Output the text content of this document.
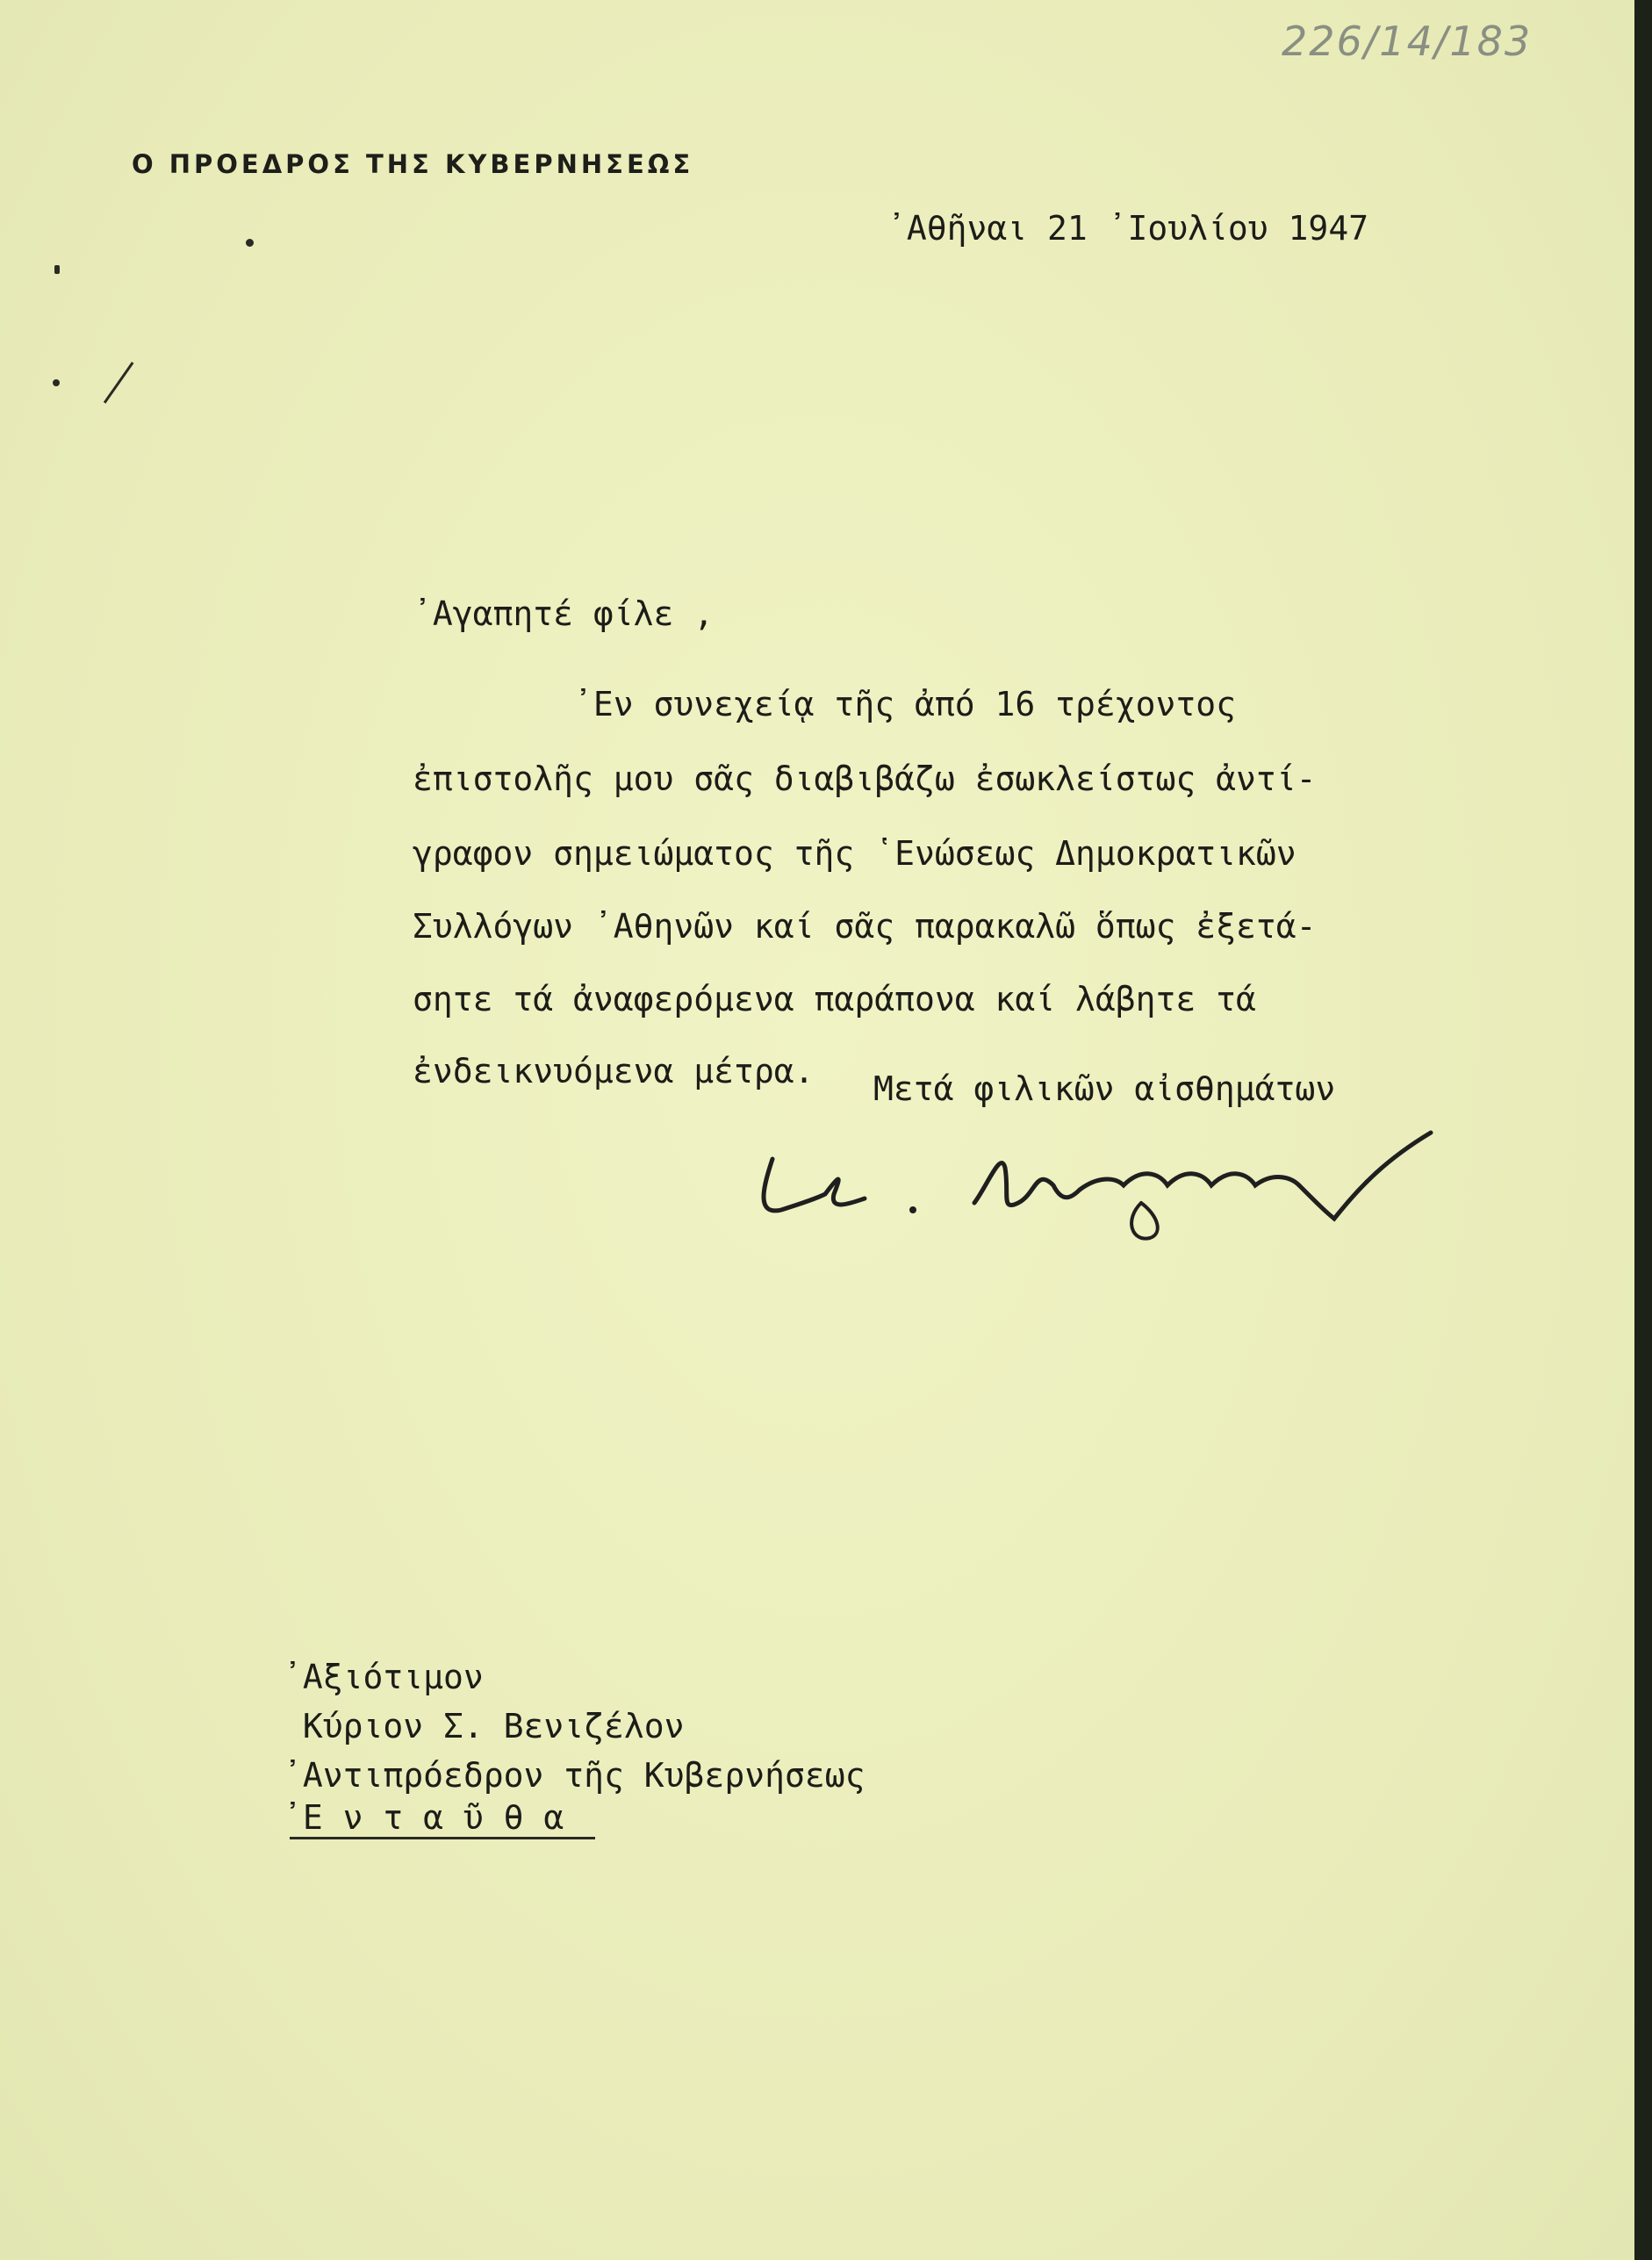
226/14/183
Ο ΠΡΟΕΔΡΟΣ ΤΗΣ ΚΥΒΕΡΝΗΣΕΩΣ
᾿Αθῆναι 21 ᾿Ιουλίου 1947
᾿Αγαπητέ φίλε ,
᾿Εν συνεχείᾳ τῆς ἀπό 16 τρέχοντος
ἐπιστολῆς μου σᾶς διαβιβάζω ἐσωκλείστως ἀντί-
γραφον σημειώματος τῆς ῾Ενώσεως Δημοκρατικῶν
Συλλόγων ᾿Αθηνῶν καί σᾶς παρακαλῶ ὅπως ἐξετά-
σητε τά ἀναφερόμενα παράπονα καί λάβητε τά
ἐνδεικνυόμενα μέτρα. Μετά φιλικῶν αἰσθημάτων
᾿Αξιότιμον
Κύριον Σ. Βενιζέλον
᾿Αντιπρόεδρον τῆς Κυβερνήσεως
᾿Ε ν τ α ῦ θ α
